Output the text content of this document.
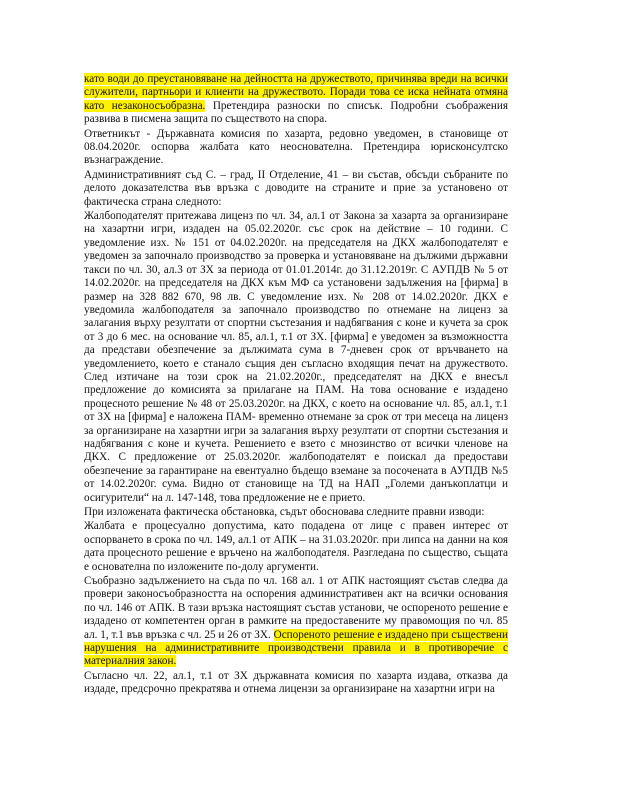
като води до преустановяване на дейността на дружеството, причинява вреди на всички служители, партньори и клиенти на дружеството. Поради това се иска нейната отмяна като незаконосъобразна. Претендира разноски по списък. Подробни съображения развива в писмена защита по съществото на спора.

Ответникът - Държавната комисия по хазарта, редовно уведомен, в становище от 08.04.2020г. оспорва жалбата като неоснователна. Претендира юрисконсултско възнаграждение.

Административният съд С. – град, II Отделение, 41 – ви състав, обсъди събраните по делото доказателства във връзка с доводите на страните и прие за установено от фактическа страна следното:

Жалбоподателят притежава лиценз по чл. 34, ал.1 от Закона за хазарта за организиране на хазартни игри, издаден на 05.02.2020г. със срок на действие – 10 години. С уведомление изх. № 151 от 04.02.2020г. на председателя на ДКХ жалбоподателят е уведомен за започнало производство за проверка и установяване на дължими държавни такси по чл. 30, ал.3 от ЗХ за периода от 01.01.2014г. до 31.12.2019г. С АУПДВ № 5 от 14.02.2020г. на председателя на ДКХ към МФ са установени задължения на [фирма] в размер на 328 882 670, 98 лв. С уведомление изх. № 208 от 14.02.2020г. ДКХ е уведомила жалбоподателя за започнало производство по отнемане на лиценз за залагания върху резултати от спортни състезания и надбягвания с коне и кучета за срок от 3 до 6 мес. на основание чл. 85, ал.1, т.1 от ЗХ. [фирма] е уведомен за възможността да представи обезпечение за дължимата сума в 7-дневен срок от връчването на уведомлението, което е станало същия ден съгласно входящия печат на дружеството. След изтичане на този срок на 21.02.2020г., председателят на ДКХ е внесъл предложение до комисията за прилагане на ПАМ. На това основание е издадено процесното решение № 48 от 25.03.2020г. на ДКХ, с което на основание чл. 85, ал.1, т.1 от ЗХ на [фирма] е наложена ПАМ- временно отнемане за срок от три месеца на лиценз за организиране на хазартни игри за залагания върху резултати от спортни състезания и надбягвания с коне и кучета. Решението е взето с мнозинство от всички членове на ДКХ. С предложение от 25.03.2020г. жалбоподателят е поискал да предостави обезпечение за гарантиране на евентуално бъдещо вземане за посочената в АУПДВ №5 от 14.02.2020г. сума. Видно от становище на ТД на НАП „Големи данъкоплатци и осигурители“ на л. 147-148, това предложение не е прието.

При изложената фактическа обстановка, съдът обосновава следните правни изводи:

Жалбата е процесуално допустима, като подадена от лице с правен интерес от оспорването в срока по чл. 149, ал.1 от АПК – на 31.03.2020г. при липса на данни на коя дата процесното решение е връчено на жалбоподателя. Разгледана по същество, същата е основателна по изложените по-долу аргументи.

Съобразно задължението на съда по чл. 168 ал. 1 от АПК настоящият състав следва да провери законосъобразността на оспорения административен акт на всички основания по чл. 146 от АПК. В тази връзка настоящият състав установи, че оспореното решение е издадено от компетентен орган в рамките на предоставените му правомощия по чл. 85 ал. 1, т.1 във връзка с чл. 25 и 26 от ЗХ. Оспореното решение е издадено при съществени нарушения на административните производствени правила и в противоречие с материалния закон.

Съгласно чл. 22, ал.1, т.1 от ЗХ държавната комисия по хазарта издава, отказва да издаде, предсрочно прекратява и отнема лицензи за организиране на хазартни игри на
